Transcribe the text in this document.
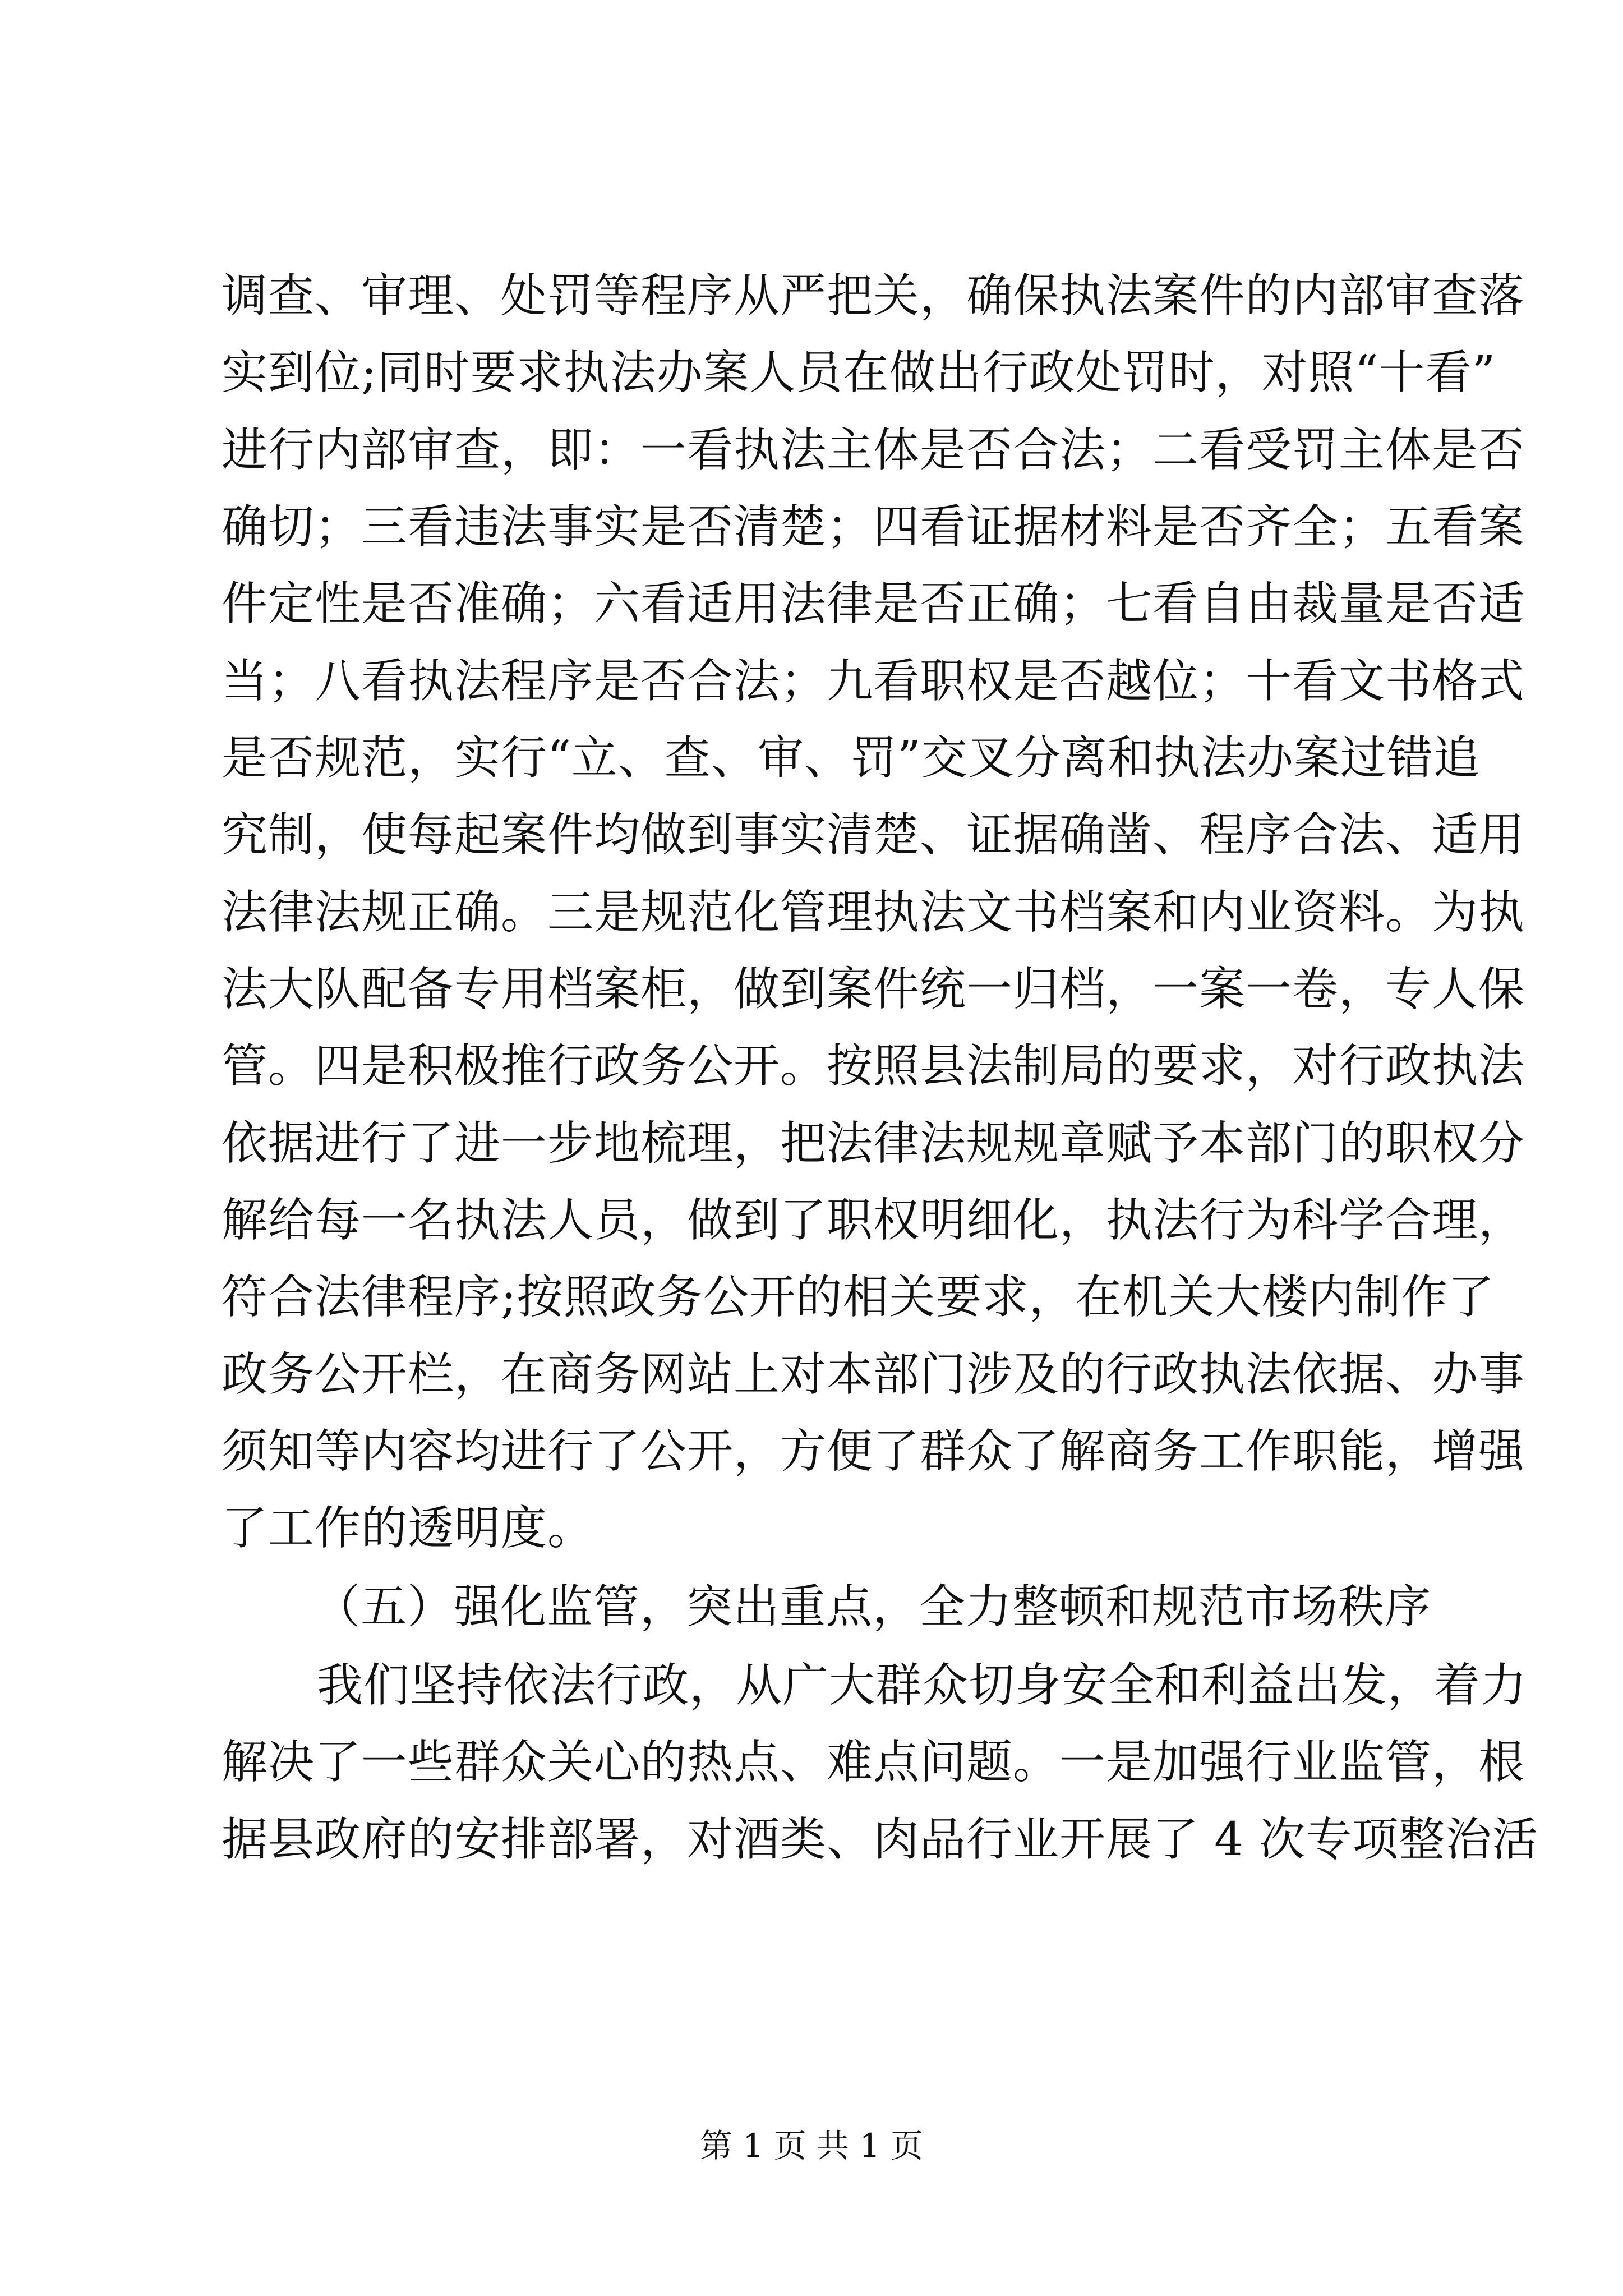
调查、审理、处罚等程序从严把关，确保执法案件的内部审查落
实到位;同时要求执法办案人员在做出行政处罚时，对照“十看”
进行内部审查，即：一看执法主体是否合法；二看受罚主体是否
确切；三看违法事实是否清楚；四看证据材料是否齐全；五看案
件定性是否准确；六看适用法律是否正确；七看自由裁量是否适
当；八看执法程序是否合法；九看职权是否越位；十看文书格式
是否规范，实行“立、查、审、罚”交叉分离和执法办案过错追
究制，使每起案件均做到事实清楚、证据确凿、程序合法、适用
法律法规正确。三是规范化管理执法文书档案和内业资料。为执
法大队配备专用档案柜，做到案件统一归档，一案一卷，专人保
管。四是积极推行政务公开。按照县法制局的要求，对行政执法
依据进行了进一步地梳理，把法律法规规章赋予本部门的职权分
解给每一名执法人员，做到了职权明细化，执法行为科学合理，
符合法律程序;按照政务公开的相关要求，在机关大楼内制作了
政务公开栏，在商务网站上对本部门涉及的行政执法依据、办事
须知等内容均进行了公开，方便了群众了解商务工作职能，增强
了工作的透明度。
（五）强化监管，突出重点，全力整顿和规范市场秩序
我们坚持依法行政，从广大群众切身安全和利益出发，着力
解决了一些群众关心的热点、难点问题。一是加强行业监管，根
据县政府的安排部署，对酒类、肉品行业开展了 4 次专项整治活
第 1 页 共 1 页
